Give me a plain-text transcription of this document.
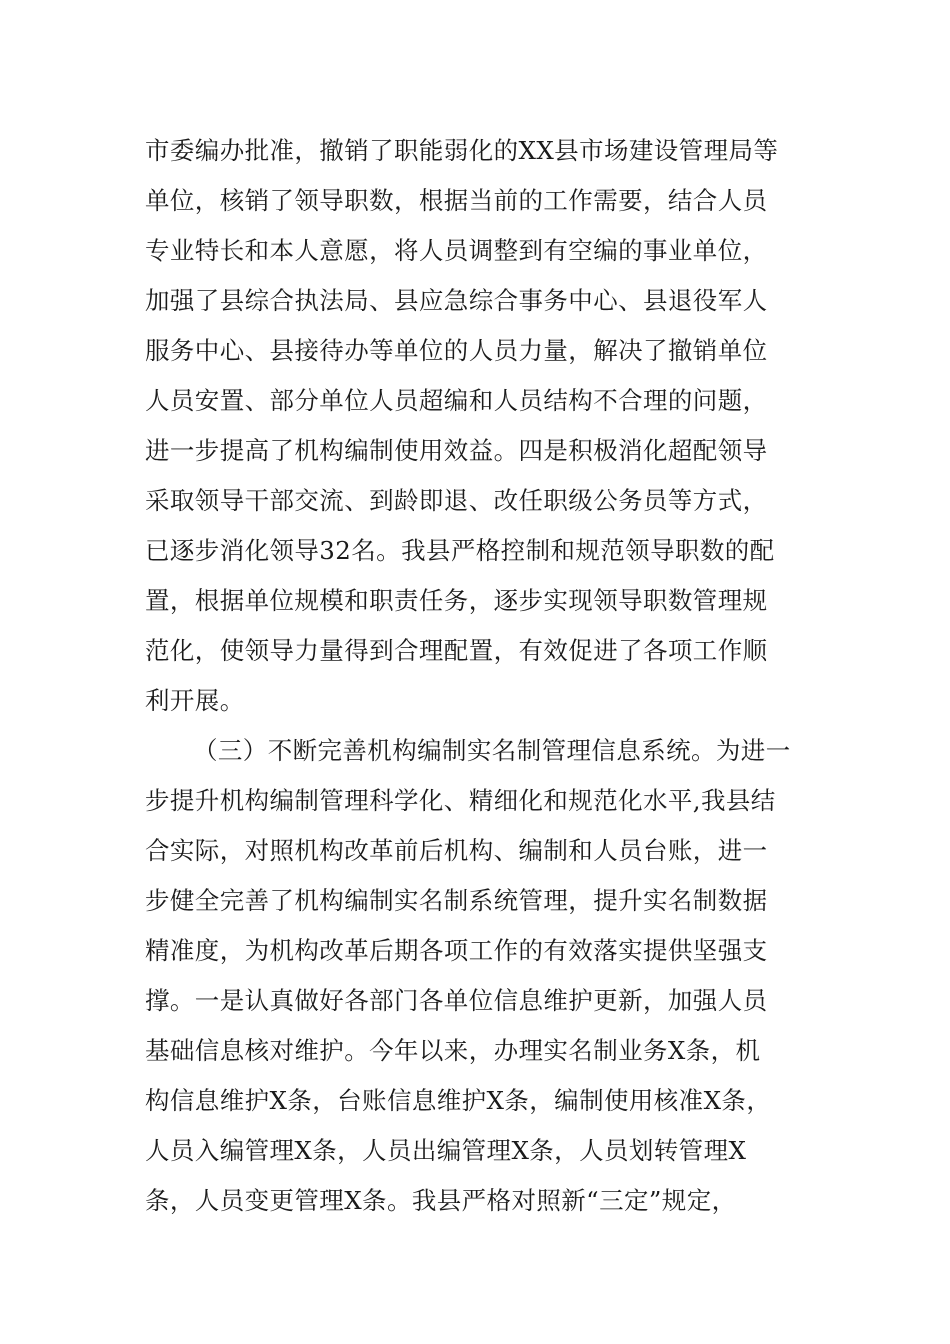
市委编办批准，撤销了职能弱化的XX县市场建设管理局等
单位，核销了领导职数，根据当前的工作需要，结合人员
专业特长和本人意愿，将人员调整到有空编的事业单位，
加强了县综合执法局、县应急综合事务中心、县退役军人
服务中心、县接待办等单位的人员力量，解决了撤销单位
人员安置、部分单位人员超编和人员结构不合理的问题，
进一步提高了机构编制使用效益。四是积极消化超配领导
采取领导干部交流、到龄即退、改任职级公务员等方式，
已逐步消化领导32名。我县严格控制和规范领导职数的配
置，根据单位规模和职责任务，逐步实现领导职数管理规
范化，使领导力量得到合理配置，有效促进了各项工作顺
利开展。
（三）不断完善机构编制实名制管理信息系统。为进一
步提升机构编制管理科学化、精细化和规范化水平,我县结
合实际，对照机构改革前后机构、编制和人员台账，进一
步健全完善了机构编制实名制系统管理，提升实名制数据
精准度，为机构改革后期各项工作的有效落实提供坚强支
撑。一是认真做好各部门各单位信息维护更新，加强人员
基础信息核对维护。今年以来，办理实名制业务X条，机
构信息维护X条，台账信息维护X条，编制使用核准X条，
人员入编管理X条，人员出编管理X条，人员划转管理X
条，人员变更管理X条。我县严格对照新“三定”规定，
